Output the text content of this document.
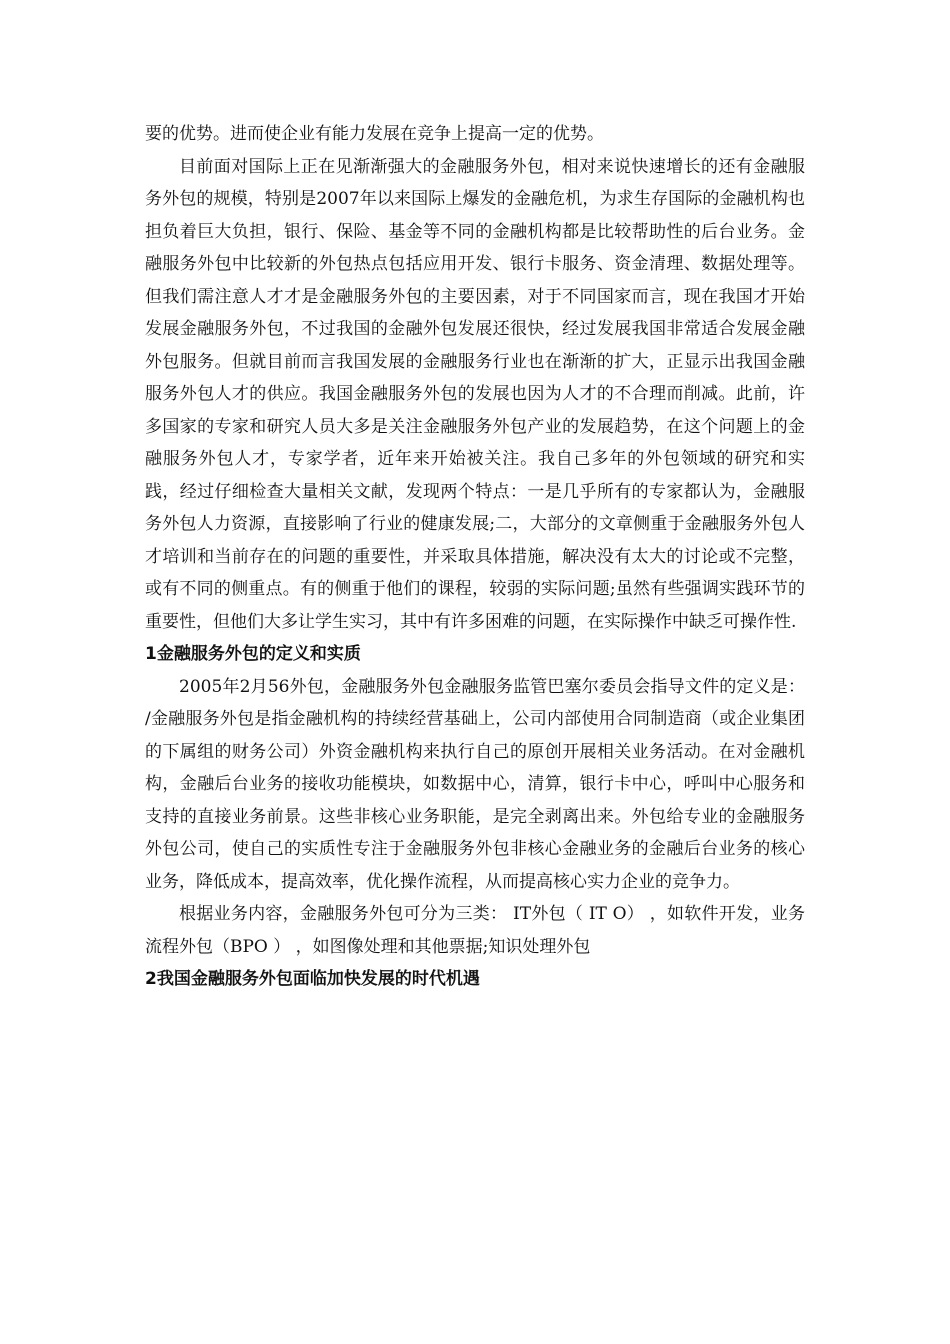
要的优势。进而使企业有能力发展在竞争上提高一定的优势。

目前面对国际上正在见渐渐强大的金融服务外包，相对来说快速增长的还有金融服务外包的规模，特别是2007年以来国际上爆发的金融危机，为求生存国际的金融机构也担负着巨大负担，银行、保险、基金等不同的金融机构都是比较帮助性的后台业务。金融服务外包中比较新的外包热点包括应用开发、银行卡服务、资金清理、数据处理等。但我们需注意人才才是金融服务外包的主要因素，对于不同国家而言，现在我国才开始发展金融服务外包，不过我国的金融外包发展还很快，经过发展我国非常适合发展金融外包服务。但就目前而言我国发展的金融服务行业也在渐渐的扩大，正显示出我国金融服务外包人才的供应。我国金融服务外包的发展也因为人才的不合理而削减。此前，许多国家的专家和研究人员大多是关注金融服务外包产业的发展趋势，在这个问题上的金融服务外包人才，专家学者，近年来开始被关注。我自己多年的外包领域的研究和实践，经过仔细检查大量相关文献，发现两个特点：一是几乎所有的专家都认为，金融服务外包人力资源，直接影响了行业的健康发展;二，大部分的文章侧重于金融服务外包人才培训和当前存在的问题的重要性，并采取具体措施，解决没有太大的讨论或不完整，或有不同的侧重点。有的侧重于他们的课程，较弱的实际问题;虽然有些强调实践环节的重要性，但他们大多让学生实习，其中有许多困难的问题，在实际操作中缺乏可操作性.

1金融服务外包的定义和实质

2005年2月56外包，金融服务外包金融服务监管巴塞尔委员会指导文件的定义是： /金融服务外包是指金融机构的持续经营基础上，公司内部使用合同制造商（或企业集团的下属组的财务公司）外资金融机构来执行自己的原创开展相关业务活动。在对金融机构，金融后台业务的接收功能模块，如数据中心，清算，银行卡中心，呼叫中心服务和支持的直接业务前景。这些非核心业务职能，是完全剥离出来。外包给专业的金融服务外包公司，使自己的实质性专注于金融服务外包非核心金融业务的金融后台业务的核心业务，降低成本，提高效率，优化操作流程，从而提高核心实力企业的竞争力。

根据业务内容，金融服务外包可分为三类： IT外包（ IT O） ，如软件开发，业务流程外包（BPO ） ，如图像处理和其他票据;知识处理外包

2我国金融服务外包面临加快发展的时代机遇
